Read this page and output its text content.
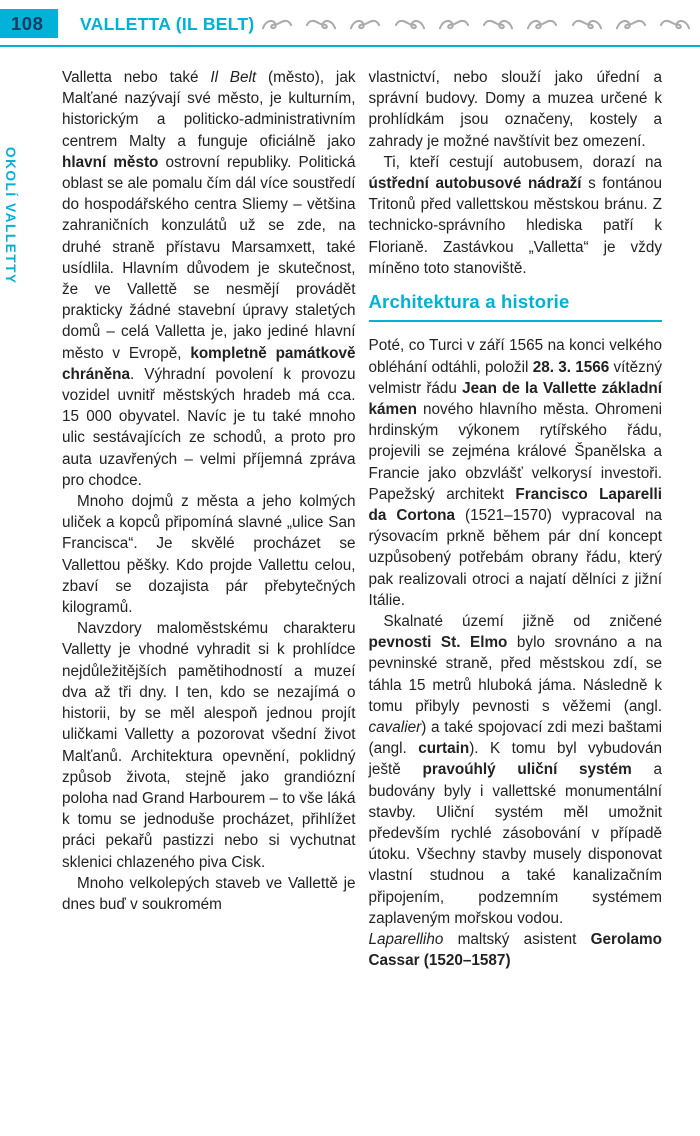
108 VALLETTA (IL BELT)
OKOLÍ VALLETTY

Valletta nebo také Il Belt (město), jak Malťané nazývají své město, je kulturním, historickým a politicko-administrativním centrem Malty a funguje oficiálně jako hlavní město ostrovní republiky. Politická oblast se ale pomalu čím dál více soustředí do hospodářského centra Sliemy – většina zahraničních konzulátů už se zde, na druhé straně přístavu Marsamxett, také usídlila. Hlavním důvodem je skutečnost, že ve Vallettě se nesmějí provádět prakticky žádné stavební úpravy staletých domů – celá Valletta je, jako jediné hlavní město v Evropě, kompletně památkově chráněna. Výhradní povolení k provozu vozidel uvnitř městských hradeb má cca. 15 000 obyvatel. Navíc je tu také mnoho ulic sestávajících ze schodů, a proto pro auta uzavřených – velmi příjemná zpráva pro chodce.

Mnoho dojmů z města a jeho kolmých uliček a kopců připomíná slavné „ulice San Francisca“. Je skvělé procházet se Vallettou pěšky. Kdo projde Vallettu celou, zbaví se dozajista pár přebytečných kilogramů.

Navzdory maloměstskému charakteru Valletty je vhodné vyhradit si k prohlídce nejdůležitějších pamětihodností a muzeí dva až tři dny. I ten, kdo se nezajímá o historii, by se měl alespoň jednou projít uličkami Valletty a pozorovat všední život Malťanů. Architektura opevnění, poklidný způsob života, stejně jako grandiózní poloha nad Grand Harbourem – to vše láká k tomu se jednoduše procházet, přihlížet práci pekařů pastizzi nebo si vychutnat sklenici chlazeného piva Cisk.

Mnoho velkolepých staveb ve Vallettě je dnes buď v soukromém

vlastnictví, nebo slouží jako úřední a správní budovy. Domy a muzea určené k prohlídkám jsou označeny, kostely a zahrady je možné navštívit bez omezení.

Ti, kteří cestují autobusem, dorazí na ústřední autobusové nádraží s fontánou Tritonů před vallettskou městskou bránu. Z technicko-správního hlediska patří k Florianě. Zastávkou „Valletta“ je vždy míněno toto stanoviště.

Architektura a historie

Poté, co Turci v září 1565 na konci velkého obléhání odtáhli, položil 28. 3. 1566 vítězný velmistr řádu Jean de la Vallette základní kámen nového hlavního města. Ohromeni hrdinským výkonem rytířského řádu, projevili se zejména králové Španělska a Francie jako obzvlášť velkorysí investoři. Papežský architekt Francisco Laparelli da Cortona (1521–1570) vypracoval na rýsovacím prkně během pár dní koncept uzpůsobený potřebám obrany řádu, který pak realizovali otroci a najatí dělníci z jižní Itálie.

Skalnaté území jižně od zničené pevnosti St. Elmo bylo srovnáno a na pevninské straně, před městskou zdí, se táhla 15 metrů hluboká jáma. Následně k tomu přibyly pevnosti s věžemi (angl. cavalier) a také spojovací zdi mezi baštami (angl. curtain). K tomu byl vybudován ještě pravoúhlý uliční systém a budovány byly i vallettské monumentální stavby. Uliční systém měl umožnit především rychlé zásobování v případě útoku. Všechny stavby musely disponovat vlastní studnou a také kanalizačním připojením, podzemním systémem zaplaveným mořskou vodou.

Laparelliho maltský asistent Gerolamo Cassar (1520–1587)
